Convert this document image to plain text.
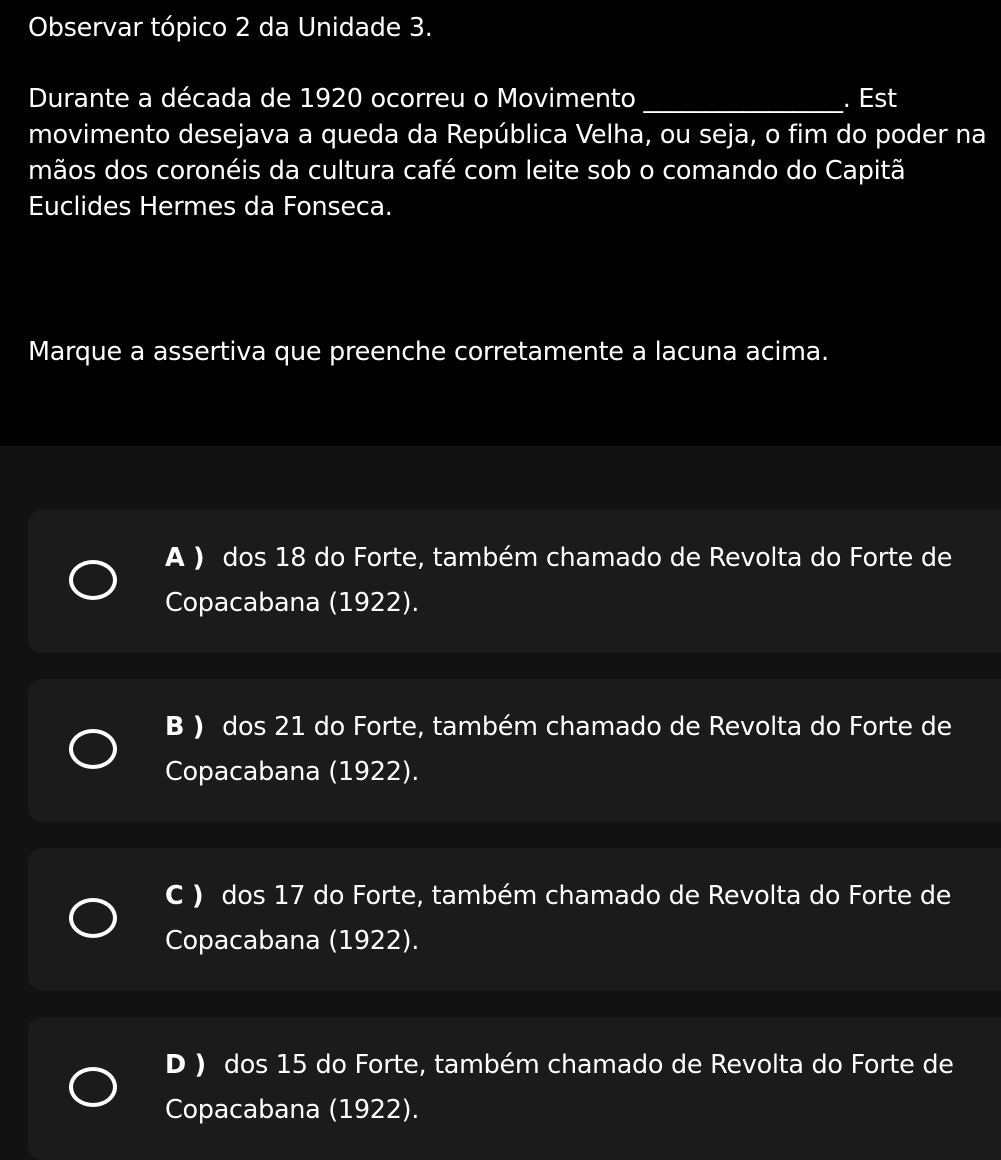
Observar tópico 2 da Unidade 3.
Durante a década de 1920 ocorreu o Movimento ________________. Est
movimento desejava a queda da República Velha, ou seja, o fim do poder na
mãos dos coronéis da cultura café com leite sob o comando do Capitã
Euclides Hermes da Fonseca.
Marque a assertiva que preenche corretamente a lacuna acima.
A ) dos 18 do Forte, também chamado de Revolta do Forte de
Copacabana (1922).
B ) dos 21 do Forte, também chamado de Revolta do Forte de
Copacabana (1922).
C ) dos 17 do Forte, também chamado de Revolta do Forte de
Copacabana (1922).
D ) dos 15 do Forte, também chamado de Revolta do Forte de
Copacabana (1922).
